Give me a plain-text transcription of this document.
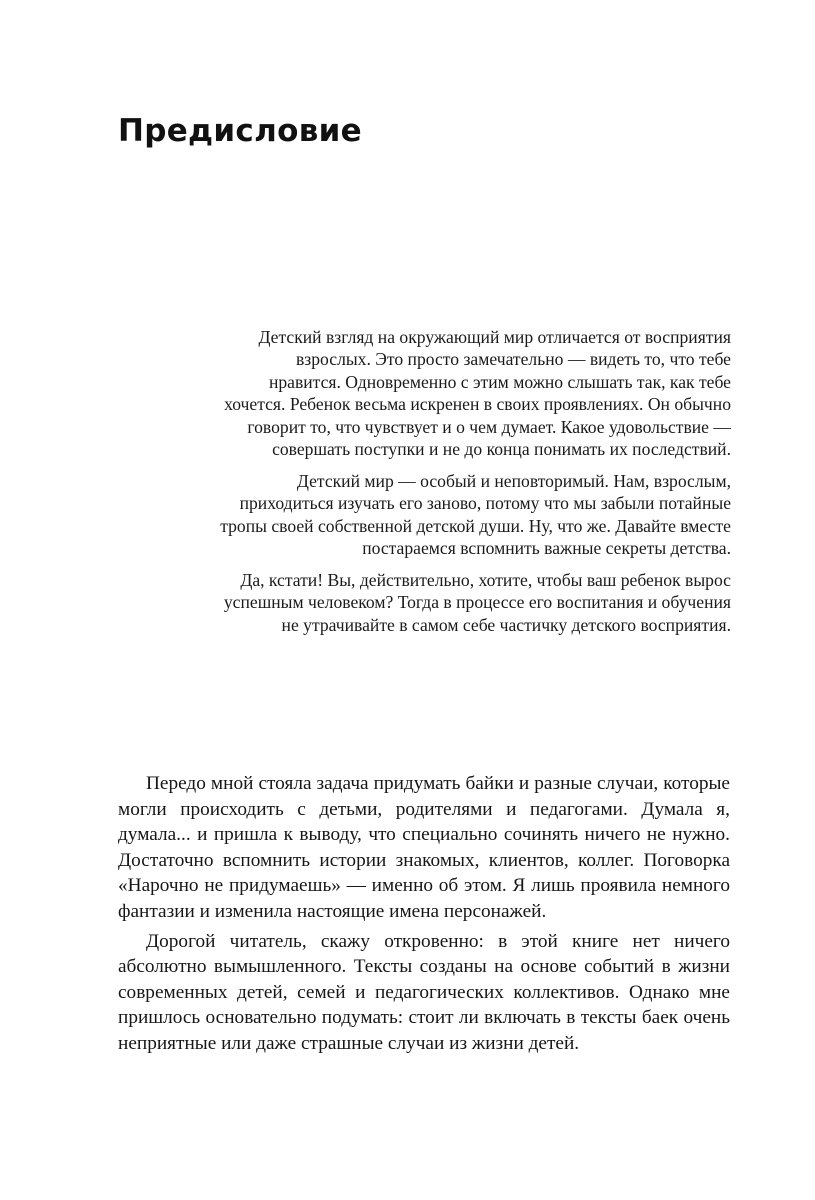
Предисловие

Детский взгляд на окружающий мир отличается от восприятия взрослых. Это просто замечательно — видеть то, что тебе нравится. Одновременно с этим можно слышать так, как тебе хочется. Ребенок весьма искренен в своих проявлениях. Он обычно говорит то, что чувствует и о чем думает. Какое удовольствие — совершать поступки и не до конца понимать их последствий.

Детский мир — особый и неповторимый. Нам, взрослым, приходиться изучать его заново, потому что мы забыли потайные тропы своей собственной детской души. Ну, что же. Давайте вместе постараемся вспомнить важные секреты детства.

Да, кстати! Вы, действительно, хотите, чтобы ваш ребенок вырос успешным человеком? Тогда в процессе его воспитания и обучения не утрачивайте в самом себе частичку детского восприятия.

Передо мной стояла задача придумать байки и разные случаи, которые могли происходить с детьми, родителями и педагогами. Думала я, думала... и пришла к выводу, что специально сочинять ничего не нужно. Достаточно вспомнить истории знакомых, клиентов, коллег. Поговорка «Нарочно не придумаешь» — именно об этом. Я лишь проявила немного фантазии и изменила настоящие имена персонажей.

Дорогой читатель, скажу откровенно: в этой книге нет ничего абсолютно вымышленного. Тексты созданы на основе событий в жизни современных детей, семей и педагогических коллективов. Однако мне пришлось основательно подумать: стоит ли включать в тексты баек очень неприятные или даже страшные случаи из жизни детей.
